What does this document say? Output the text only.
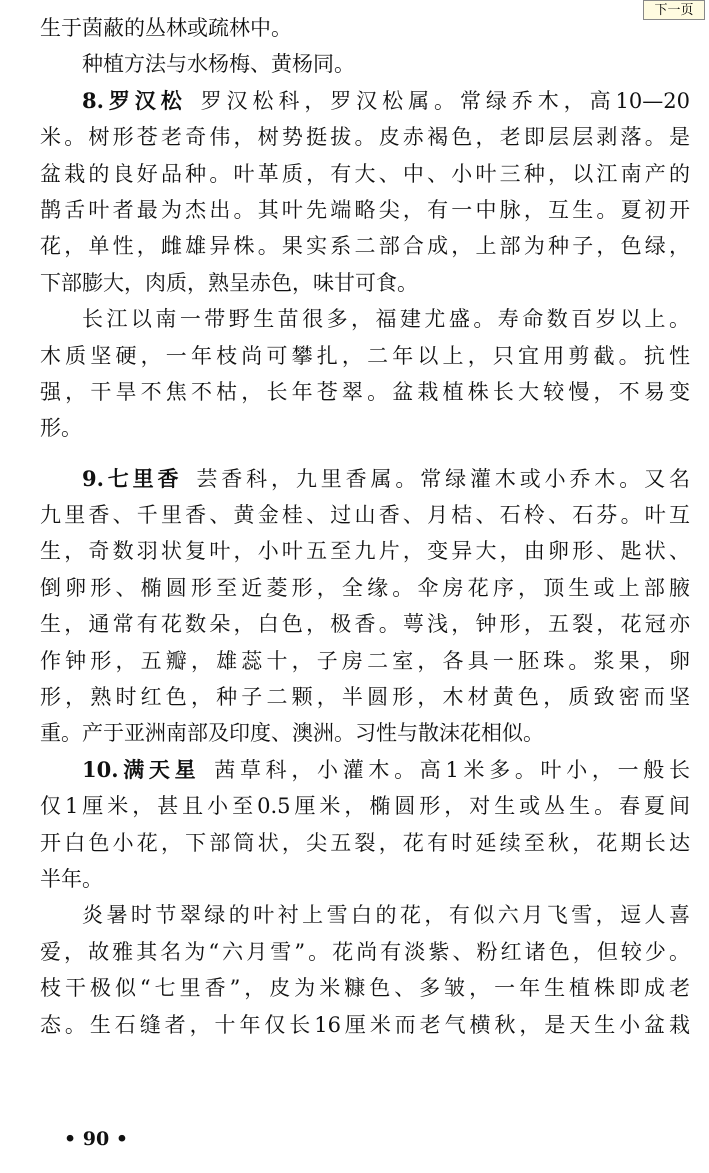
下一页
生于茵蔽的丛林或疏林中。
种植方法与水杨梅、黄杨同。
8.罗汉松 罗汉松科，罗汉松属。常绿乔木，高10—20
米。树形苍老奇伟，树势挺拔。皮赤褐色，老即层层剥落。是
盆栽的良好品种。叶革质，有大、中、小叶三种，以江南产的
鹊舌叶者最为杰出。其叶先端略尖，有一中脉，互生。夏初开
花，单性，雌雄异株。果实系二部合成，上部为种子，色绿，
下部膨大，肉质，熟呈赤色，味甘可食。
长江以南一带野生苗很多，福建尤盛。寿命数百岁以上。
木质坚硬，一年枝尚可攀扎，二年以上，只宜用剪截。抗性
强，干旱不焦不枯，长年苍翠。盆栽植株长大较慢，不易变
形。
9.七里香 芸香科，九里香属。常绿灌木或小乔木。又名
九里香、千里香、黄金桂、过山香、月桔、石柃、石芬。叶互
生，奇数羽状复叶，小叶五至九片，变异大，由卵形、匙状、
倒卵形、椭圆形至近菱形，全缘。伞房花序，顶生或上部腋
生，通常有花数朵，白色，极香。萼浅，钟形，五裂，花冠亦
作钟形，五瓣，雄蕊十，子房二室，各具一胚珠。浆果，卵
形，熟时红色，种子二颗，半圆形，木材黄色，质致密而坚
重。产于亚洲南部及印度、澳洲。习性与散沫花相似。
10.满天星 茜草科，小灌木。高1米多。叶小，一般长
仅1厘米，甚且小至0.5厘米，椭圆形，对生或丛生。春夏间
开白色小花，下部筒状，尖五裂，花有时延续至秋，花期长达
半年。
炎暑时节翠绿的叶衬上雪白的花，有似六月飞雪，逗人喜
爱，故雅其名为“六月雪”。花尚有淡紫、粉红诸色，但较少。
枝干极似“七里香”，皮为米糠色、多皱，一年生植株即成老
态。生石缝者，十年仅长16厘米而老气横秋，是天生小盆栽
• 90 •
